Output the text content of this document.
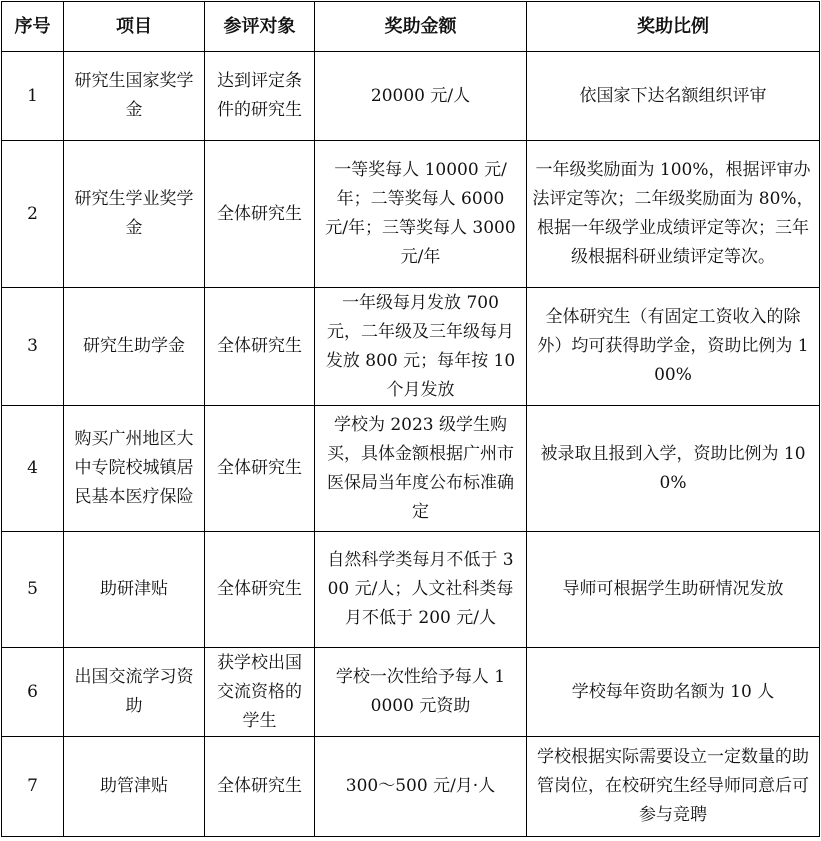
序号	项目	参评对象	奖助金额	奖助比例
1	研究生国家奖学金	达到评定条件的研究生	20000 元/人	依国家下达名额组织评审
2	研究生学业奖学金	全体研究生	一等奖每人 10000 元/年；二等奖每人 6000 元/年；三等奖每人 3000 元/年	一年级奖励面为 100%，根据评审办法评定等次；二年级奖励面为 80%，根据一年级学业成绩评定等次；三年级根据科研业绩评定等次。
3	研究生助学金	全体研究生	一年级每月发放 700 元，二年级及三年级每月发放 800 元；每年按 10 个月发放	全体研究生（有固定工资收入的除外）均可获得助学金，资助比例为 100%
4	购买广州地区大中专院校城镇居民基本医疗保险	全体研究生	学校为 2023 级学生购买，具体金额根据广州市医保局当年度公布标准确定	被录取且报到入学，资助比例为 100%
5	助研津贴	全体研究生	自然科学类每月不低于 300 元/人；人文社科类每月不低于 200 元/人	导师可根据学生助研情况发放
6	出国交流学习资助	获学校出国交流资格的学生	学校一次性给予每人 10000 元资助	学校每年资助名额为 10 人
7	助管津贴	全体研究生	300～500 元/月·人	学校根据实际需要设立一定数量的助管岗位，在校研究生经导师同意后可参与竞聘
